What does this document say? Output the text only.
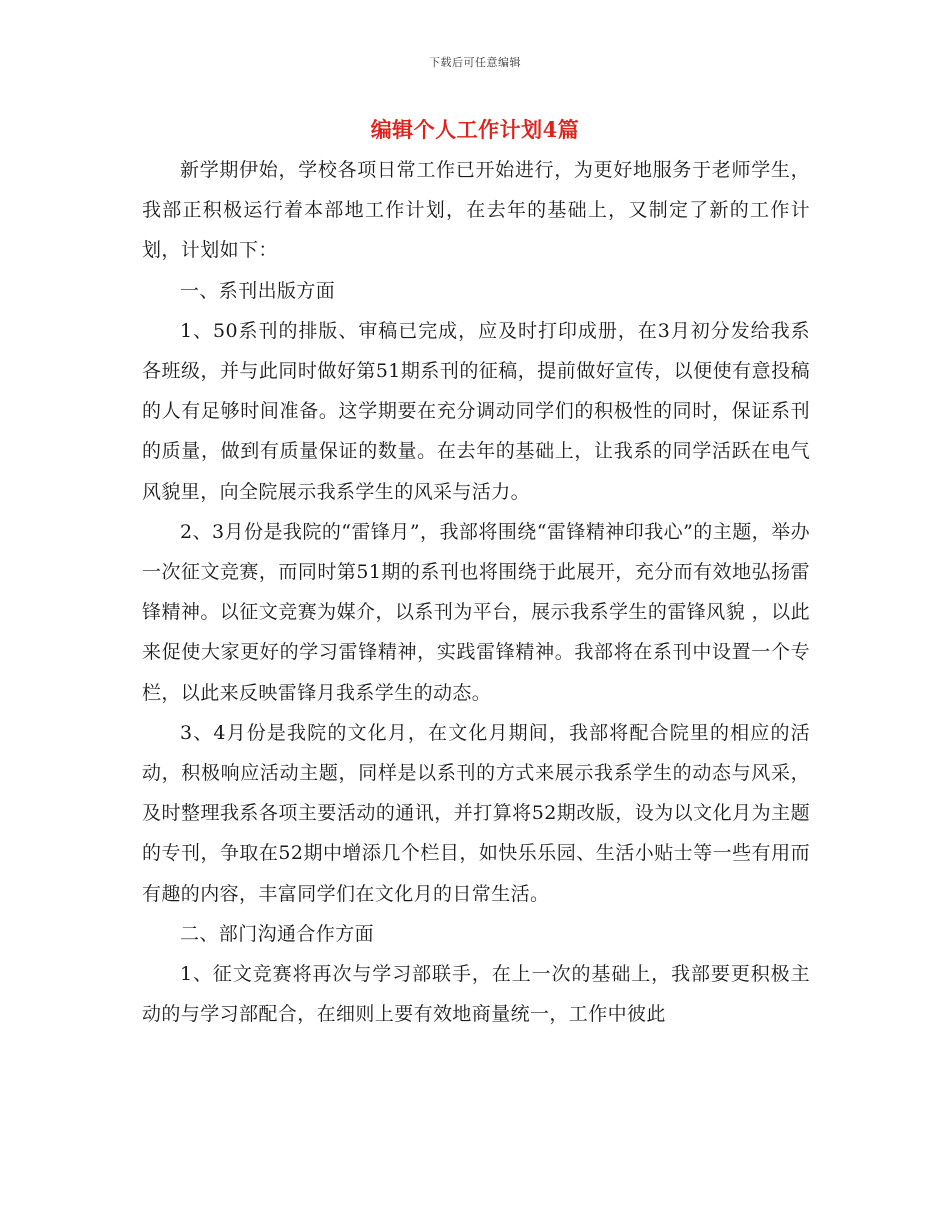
下载后可任意编辑
编辑个人工作计划4篇

新学期伊始，学校各项日常工作已开始进行，为更好地服务于老师学生，我部正积极运行着本部地工作计划，在去年的基础上，又制定了新的工作计划，计划如下：

一、系刊出版方面

1、50系刊的排版、审稿已完成，应及时打印成册，在3月初分发给我系各班级，并与此同时做好第51期系刊的征稿，提前做好宣传，以便使有意投稿的人有足够时间准备。这学期要在充分调动同学们的积极性的同时，保证系刊的质量，做到有质量保证的数量。在去年的基础上，让我系的同学活跃在电气风貌里，向全院展示我系学生的风采与活力。

2、3月份是我院的“雷锋月”，我部将围绕“雷锋精神印我心”的主题，举办一次征文竞赛，而同时第51期的系刊也将围绕于此展开，充分而有效地弘扬雷锋精神。以征文竞赛为媒介，以系刊为平台，展示我系学生的雷锋风貌 ，以此来促使大家更好的学习雷锋精神，实践雷锋精神。我部将在系刊中设置一个专栏，以此来反映雷锋月我系学生的动态。

3、4月份是我院的文化月，在文化月期间，我部将配合院里的相应的活动，积极响应活动主题，同样是以系刊的方式来展示我系学生的动态与风采，及时整理我系各项主要活动的通讯，并打算将52期改版，设为以文化月为主题的专刊，争取在52期中增添几个栏目，如快乐乐园、生活小贴士等一些有用而有趣的内容，丰富同学们在文化月的日常生活。

二、部门沟通合作方面

1、征文竞赛将再次与学习部联手，在上一次的基础上，我部要更积极主动的与学习部配合，在细则上要有效地商量统一，工作中彼此
